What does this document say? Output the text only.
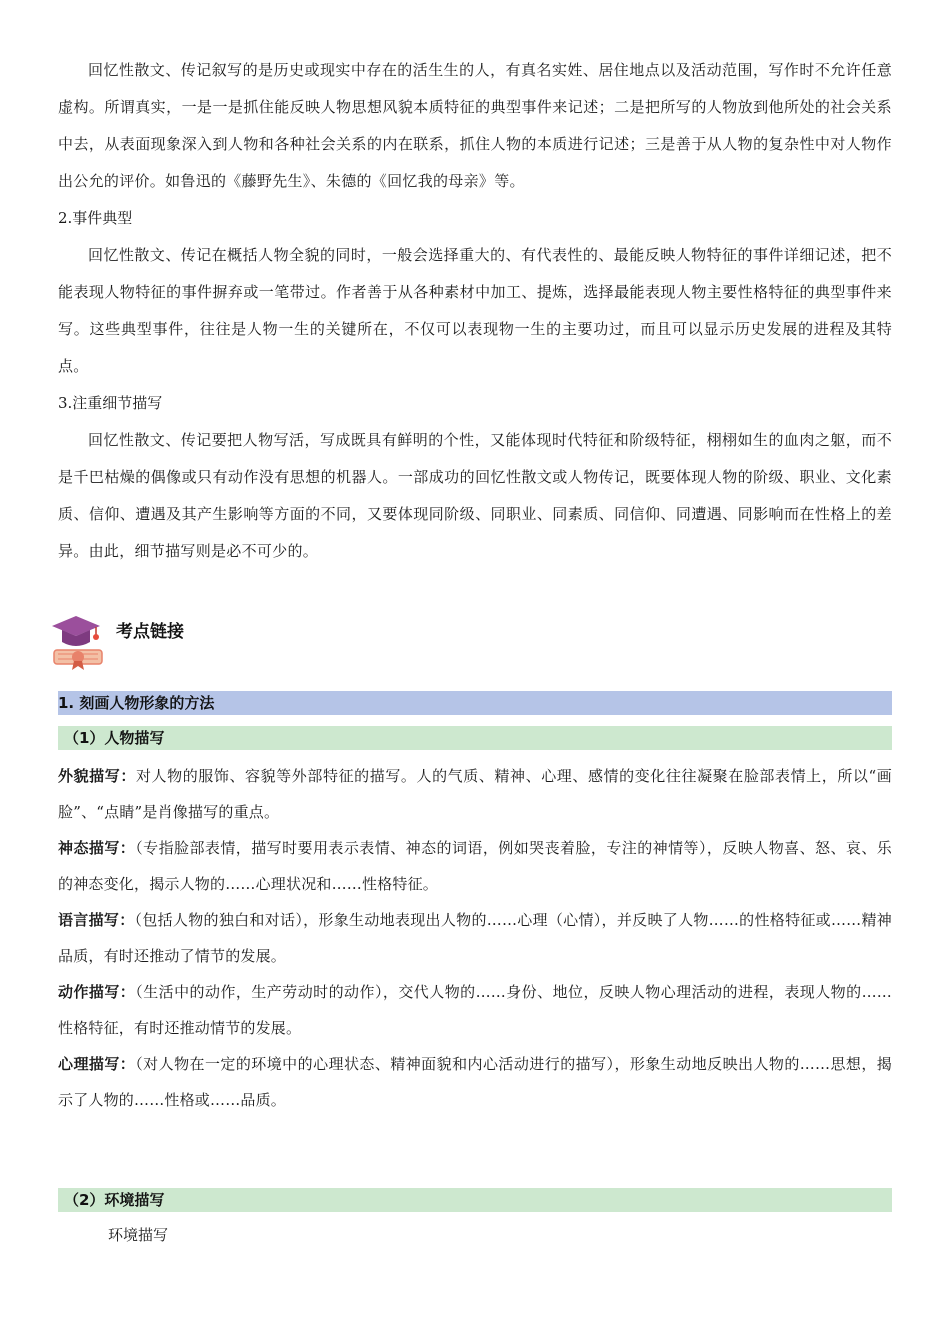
回忆性散文、传记叙写的是历史或现实中存在的活生生的人，有真名实姓、居住地点以及活动范围，写作时不允许任意虚构。所谓真实，一是一是抓住能反映人物思想风貌本质特征的典型事件来记述；二是把所写的人物放到他所处的社会关系中去，从表面现象深入到人物和各种社会关系的内在联系，抓住人物的本质进行记述；三是善于从人物的复杂性中对人物作出公允的评价。如鲁迅的《藤野先生》、朱德的《回忆我的母亲》等。

2.事件典型

回忆性散文、传记在概括人物全貌的同时，一般会选择重大的、有代表性的、最能反映人物特征的事件详细记述，把不能表现人物特征的事件摒弃或一笔带过。作者善于从各种素材中加工、提炼，选择最能表现人物主要性格特征的典型事件来写。这些典型事件，往往是人物一生的关键所在，不仅可以表现物一生的主要功过，而且可以显示历史发展的进程及其特点。

3.注重细节描写

回忆性散文、传记要把人物写活，写成既具有鲜明的个性，又能体现时代特征和阶级特征，栩栩如生的血肉之躯，而不是千巴枯燥的偶像或只有动作没有思想的机器人。一部成功的回忆性散文或人物传记，既要体现人物的阶级、职业、文化素质、信仰、遭遇及其产生影响等方面的不同，又要体现同阶级、同职业、同素质、同信仰、同遭遇、同影响而在性格上的差异。由此，细节描写则是必不可少的。

考点链接
1. 刻画人物形象的方法
（1）人物描写

外貌描写：对人物的服饰、容貌等外部特征的描写。人的气质、精神、心理、感情的变化往往凝聚在脸部表情上，所以“画脸”、“点睛”是肖像描写的重点。

神态描写：（专指脸部表情，描写时要用表示表情、神态的词语，例如哭丧着脸，专注的神情等），反映人物喜、怒、哀、乐的神态变化，揭示人物的……心理状况和……性格特征。

语言描写：（包括人物的独白和对话），形象生动地表现出人物的……心理（心情），并反映了人物……的性格特征或……精神品质，有时还推动了情节的发展。

动作描写：（生活中的动作，生产劳动时的动作），交代人物的……身份、地位，反映人物心理活动的进程，表现人物的……性格特征，有时还推动情节的发展。

心理描写：（对人物在一定的环境中的心理状态、精神面貌和内心活动进行的描写），形象生动地反映出人物的……思想，揭示了人物的……性格或……品质。

（2）环境描写
环境描写
